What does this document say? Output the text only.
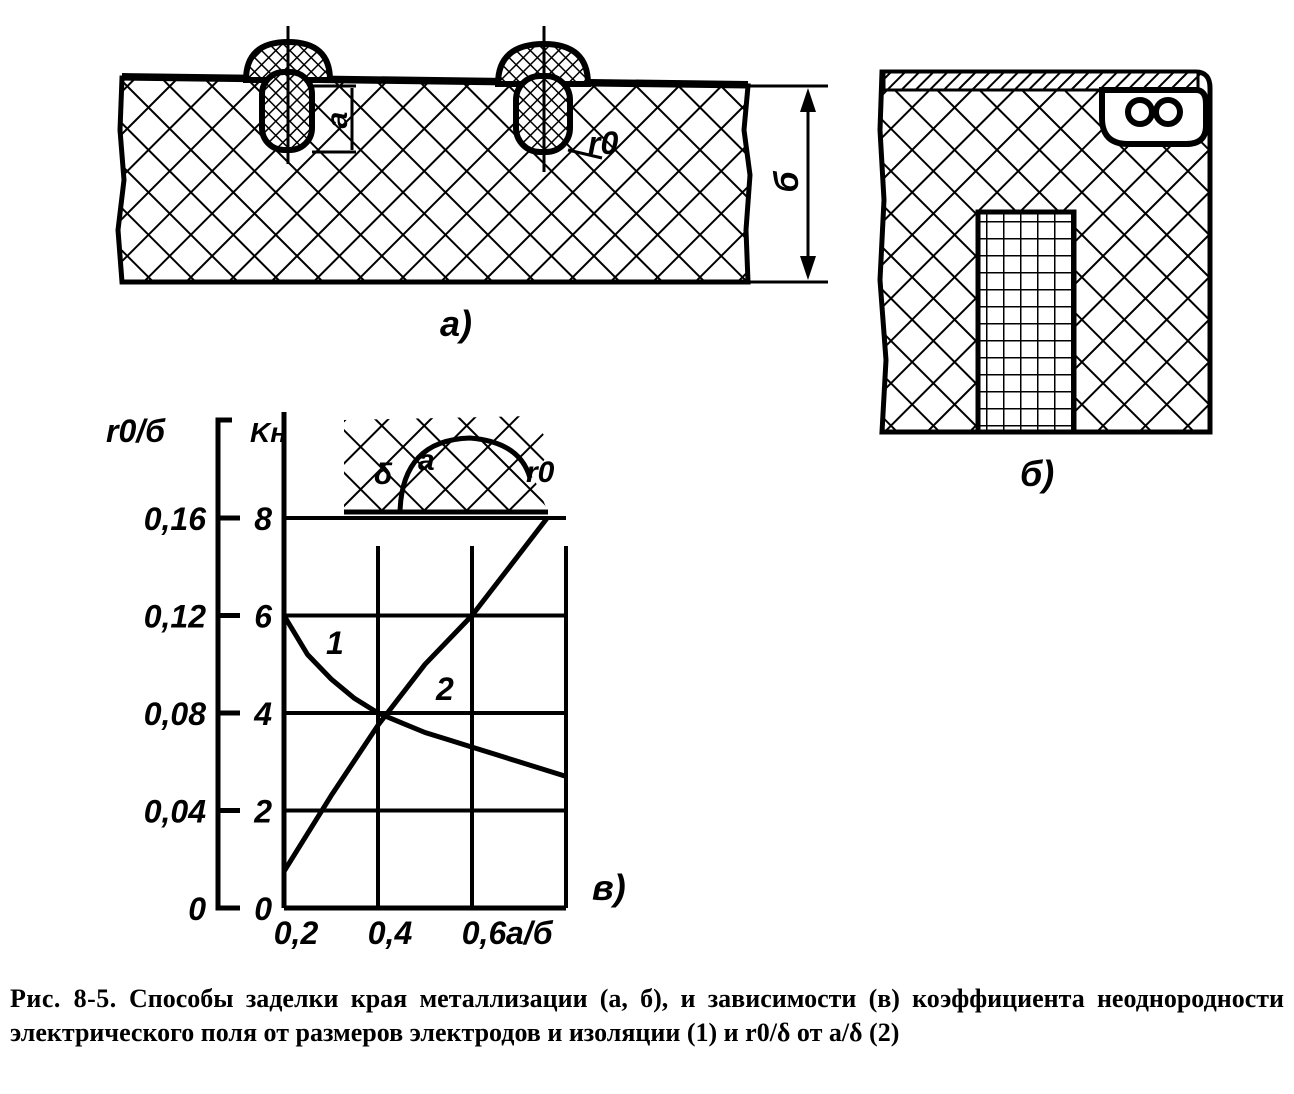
а
r0
б
а)
б)
δ а	r0
r0/б	Kн
а/б
1
2
в)
0
2
4
6
8
0
0,04
0,08
0,12
0,16
0,2 0,4 0,6
Рис. 8-5. Способы заделки края металлизации (а, б), и зависимости (в) коэффициента неоднородности электрического поля от размеров электродов и изоляции (1) и r0/δ от а/δ (2)
